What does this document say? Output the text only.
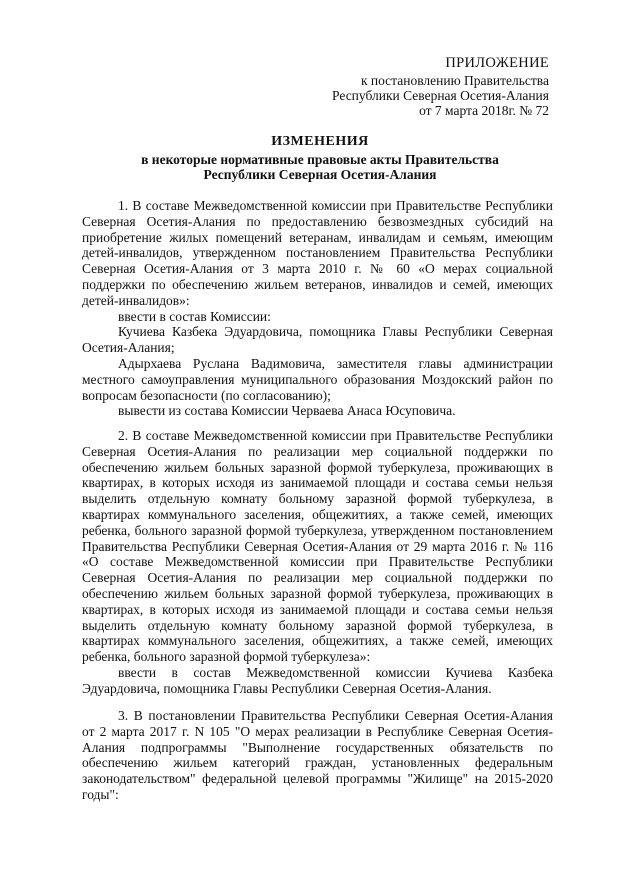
ПРИЛОЖЕНИЕ
к постановлению Правительства
Республики Северная Осетия-Алания
от 7 марта 2018г. № 72
ИЗМЕНЕНИЯ
в некоторые нормативные правовые акты Правительства
Республики Северная Осетия-Алания

1. В составе Межведомственной комиссии при Правительстве Республики Северная Осетия-Алания по предоставлению безвозмездных субсидий на приобретение жилых помещений ветеранам, инвалидам и семьям, имеющим детей-инвалидов, утвержденном постановлением Правительства Республики Северная Осетия-Алания от 3 марта 2010 г. № 60 «О мерах социальной поддержки по обеспечению жильем ветеранов, инвалидов и семей, имеющих детей-инвалидов»:

ввести в состав Комиссии:

Кучиева Казбека Эдуардовича, помощника Главы Республики Северная Осетия-Алания;

Адырхаева Руслана Вадимовича, заместителя главы администрации местного самоуправления муниципального образования Моздокский район по вопросам безопасности (по согласованию);

вывести из состава Комиссии Черваева Анаса Юсуповича.

2. В составе Межведомственной комиссии при Правительстве Республики Северная Осетия-Алания по реализации мер социальной поддержки по обеспечению жильем больных заразной формой туберкулеза, проживающих в квартирах, в которых исходя из занимаемой площади и состава семьи нельзя выделить отдельную комнату больному заразной формой туберкулеза, в квартирах коммунального заселения, общежитиях, а также семей, имеющих ребенка, больного заразной формой туберкулеза, утвержденном постановлением Правительства Республики Северная Осетия-Алания от 29 марта 2016 г. № 116 «О составе Межведомственной комиссии при Правительстве Республики Северная Осетия-Алания по реализации мер социальной поддержки по обеспечению жильем больных заразной формой туберкулеза, проживающих в квартирах, в которых исходя из занимаемой площади и состава семьи нельзя выделить отдельную комнату больному заразной формой туберкулеза, в квартирах коммунального заселения, общежитиях, а также семей, имеющих ребенка, больного заразной формой туберкулеза»:

ввести в состав Межведомственной комиссии Кучиева Казбека Эдуардовича, помощника Главы Республики Северная Осетия-Алания.

3. В постановлении Правительства Республики Северная Осетия-Алания от 2 марта 2017 г. N 105 "О мерах реализации в Республике Северная Осетия-Алания подпрограммы "Выполнение государственных обязательств по обеспечению жильем категорий граждан, установленных федеральным законодательством" федеральной целевой программы "Жилище" на 2015-2020 годы":
